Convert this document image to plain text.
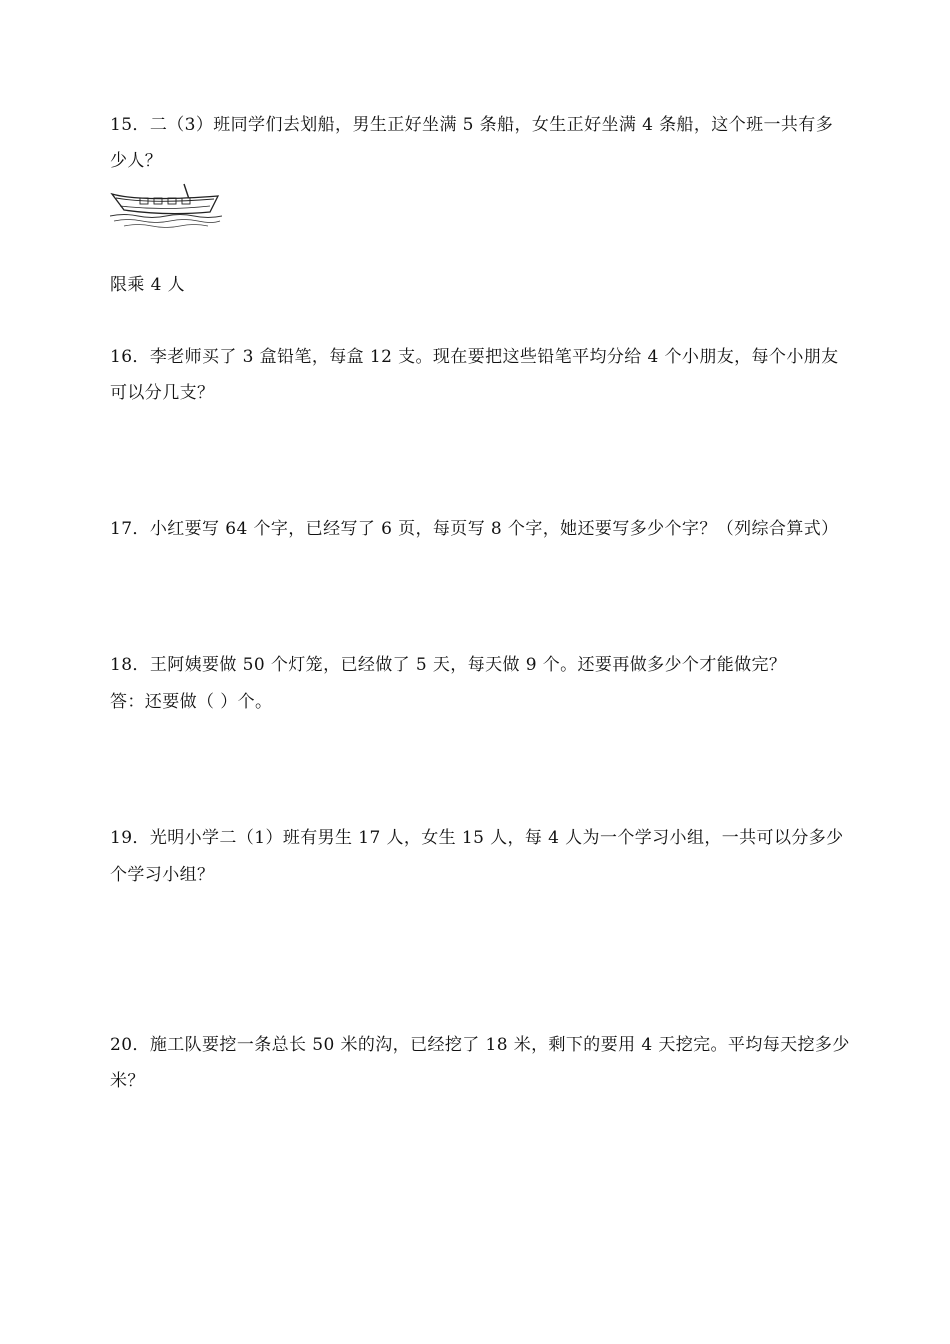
15．二（3）班同学们去划船，男生正好坐满 5 条船，女生正好坐满 4 条船，这个班一共有多
少人？
限乘 4 人
16．李老师买了 3 盒铅笔，每盒 12 支。现在要把这些铅笔平均分给 4 个小朋友，每个小朋友
可以分几支？
17．小红要写 64 个字，已经写了 6 页，每页写 8 个字，她还要写多少个字？（列综合算式）
18．王阿姨要做 50 个灯笼，已经做了 5 天，每天做 9 个。还要再做多少个才能做完？
答：还要做（ ）个。
19．光明小学二（1）班有男生 17 人，女生 15 人，每 4 人为一个学习小组，一共可以分多少
个学习小组？
20．施工队要挖一条总长 50 米的沟，已经挖了 18 米，剩下的要用 4 天挖完。平均每天挖多少
米？
